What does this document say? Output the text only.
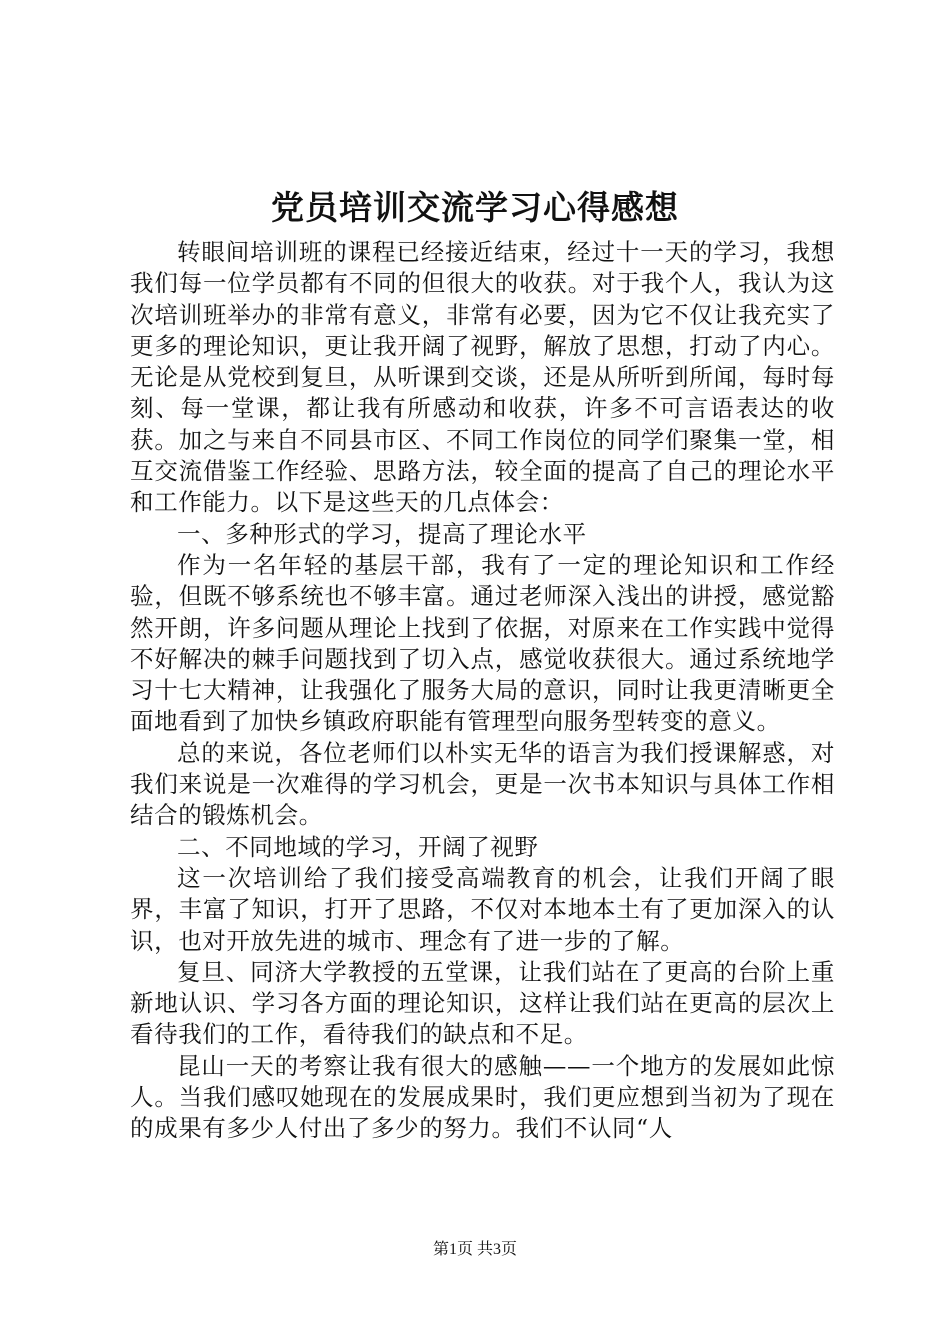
党员培训交流学习心得感想

转眼间培训班的课程已经接近结束，经过十一天的学习，我想我们每一位学员都有不同的但很大的收获。对于我个人，我认为这次培训班举办的非常有意义，非常有必要，因为它不仅让我充实了更多的理论知识，更让我开阔了视野，解放了思想，打动了内心。无论是从党校到复旦，从听课到交谈，还是从所听到所闻，每时每刻、每一堂课，都让我有所感动和收获，许多不可言语表达的收获。加之与来自不同县市区、不同工作岗位的同学们聚集一堂，相互交流借鉴工作经验、思路方法，较全面的提高了自己的理论水平和工作能力。以下是这些天的几点体会：

一、多种形式的学习，提高了理论水平

作为一名年轻的基层干部，我有了一定的理论知识和工作经验，但既不够系统也不够丰富。通过老师深入浅出的讲授，感觉豁然开朗，许多问题从理论上找到了依据，对原来在工作实践中觉得不好解决的棘手问题找到了切入点，感觉收获很大。通过系统地学习十七大精神，让我强化了服务大局的意识，同时让我更清晰更全面地看到了加快乡镇政府职能有管理型向服务型转变的意义。

总的来说，各位老师们以朴实无华的语言为我们授课解惑，对我们来说是一次难得的学习机会，更是一次书本知识与具体工作相结合的锻炼机会。

二、不同地域的学习，开阔了视野

这一次培训给了我们接受高端教育的机会，让我们开阔了眼界，丰富了知识，打开了思路，不仅对本地本土有了更加深入的认识，也对开放先进的城市、理念有了进一步的了解。

复旦、同济大学教授的五堂课，让我们站在了更高的台阶上重新地认识、学习各方面的理论知识，这样让我们站在更高的层次上看待我们的工作，看待我们的缺点和不足。

昆山一天的考察让我有很大的感触——一个地方的发展如此惊人。当我们感叹她现在的发展成果时，我们更应想到当初为了现在的成果有多少人付出了多少的努力。我们不认同“人

第1页 共3页
